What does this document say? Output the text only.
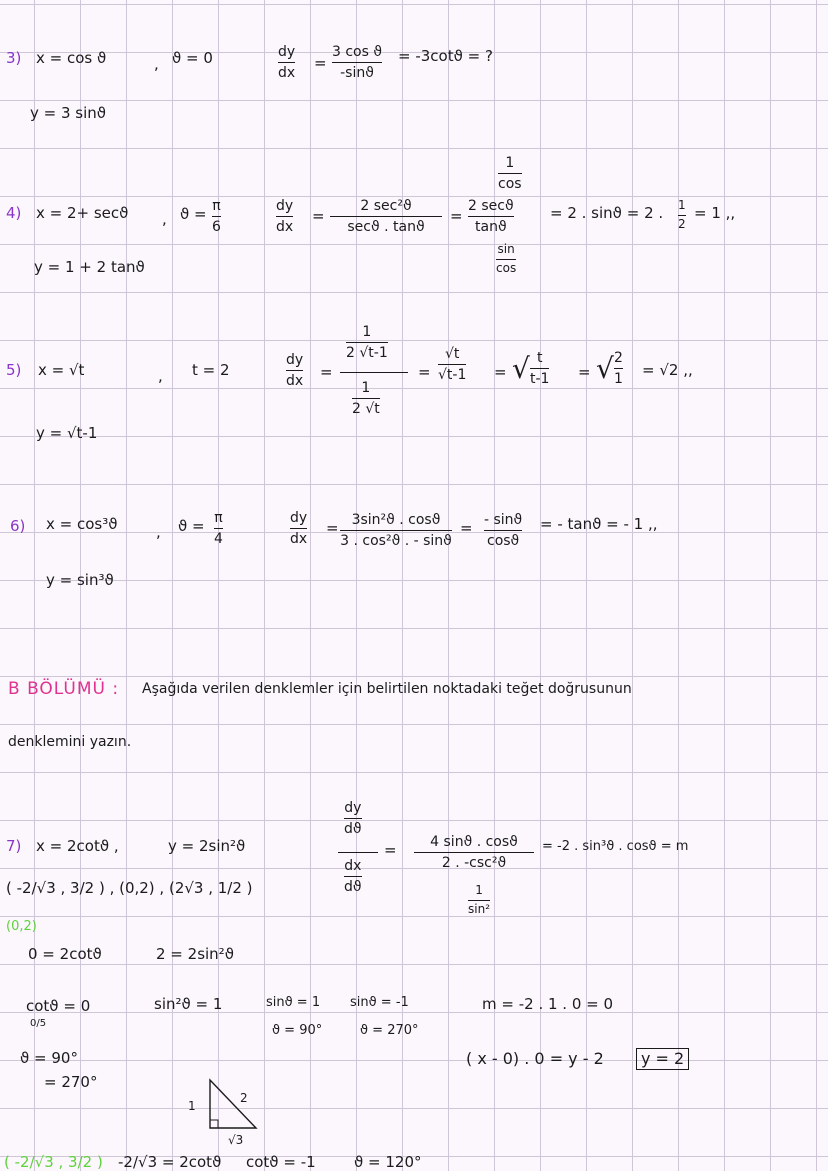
3) x = cos ϑ	, ϑ = 0
y = 3 sinϑ
dy
dx
=
3 cos ϑ
-sinϑ
= -3cotϑ = ?
1
cos
4) x = 2+ secϑ , ϑ = π
6
y = 1 + 2 tanϑ
dy
dx
=
2 sec²ϑ
secϑ . tanϑ
=
2 secϑ
tanϑ
sin
cos
= 2 . sinϑ = 2 . 1
2
= 1 ,,
5) x = √t	, t = 2
y = √t-1
dy
dx
=
1
2 √t-1
1
2 √t
=
√t
√t-1 =
t
t-1
√	= √ 2
1
= √2 ,,
6) x = cos³ϑ	, ϑ = π
4
y = sin³ϑ
dy
dx
= 3sin²ϑ . cosϑ
3 . cos²ϑ . - sinϑ
= - sinϑ
cosϑ
= - tanϑ = - 1 ,,
B BÖLÜMÜ : Aşağıda verilen denklemler için belirtilen noktadaki teğet doğrusunun
denklemini yazın.
7) x = 2cotϑ ,	y = 2sin²ϑ
( -2/√3 , 3/2 ) , (0,2) , (2√3 , 1/2 )
dy
dϑ
dx
dϑ
= 4 sinϑ . cosϑ
2 . -csc²ϑ
1
sin²
= -2 . sin³ϑ . cosϑ = m
(0,2)
0 = 2cotϑ	2 = 2sin²ϑ
cotϑ = 0
0/5
sin²ϑ = 1	sinϑ = 1 sinϑ = -1
ϑ = 90°	ϑ = 270°
m = -2 . 1 . 0 = 0
ϑ = 90°
= 270°
( x - 0) . 0 = y - 2	y = 2
1
2
√3
( -2/√3 , 3/2 ) -2/√3 = 2cotϑ cotϑ = -1	ϑ = 120°
